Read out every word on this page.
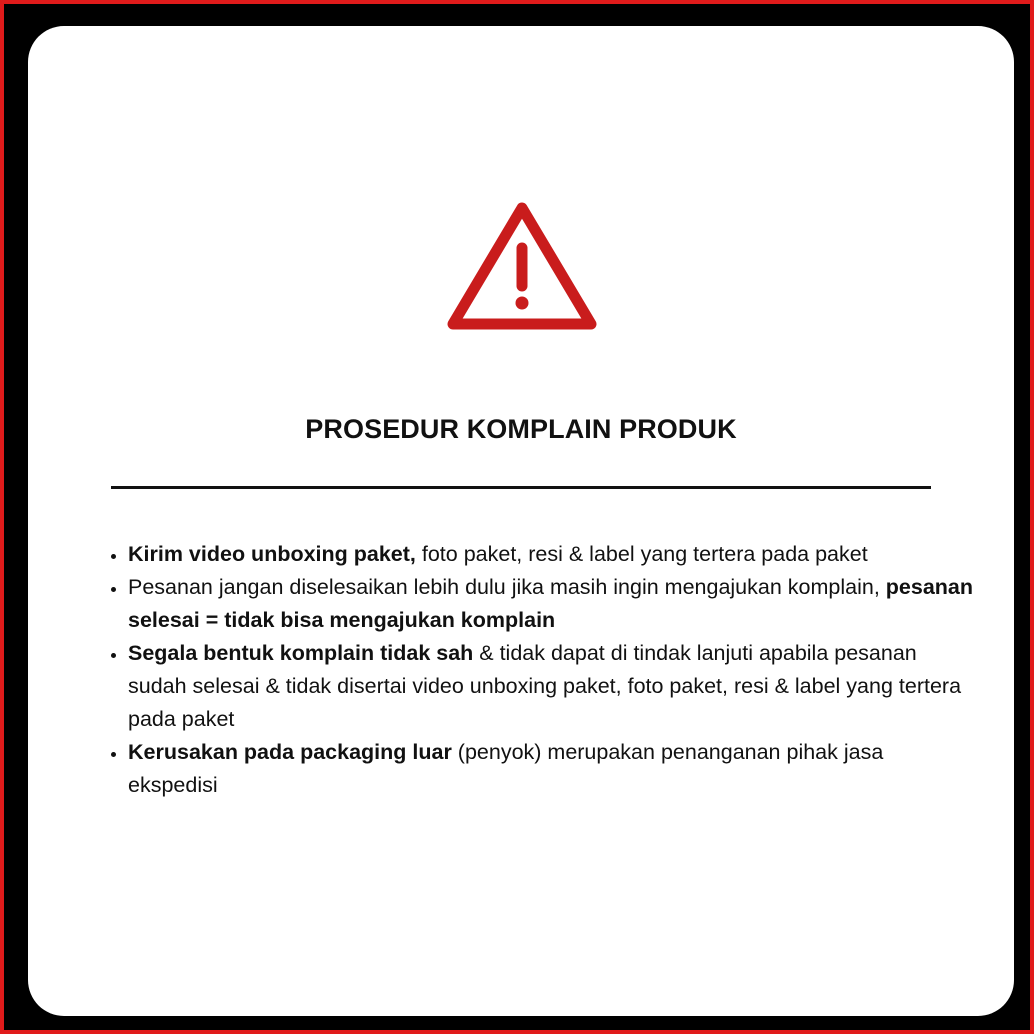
PROSEDUR KOMPLAIN PRODUK
• Kirim video unboxing paket, foto paket, resi & label yang tertera pada paket
• Pesanan jangan diselesaikan lebih dulu jika masih ingin mengajukan komplain, pesanan selesai = tidak bisa mengajukan komplain
• Segala bentuk komplain tidak sah & tidak dapat di tindak lanjuti apabila pesanan sudah selesai & tidak disertai video unboxing paket, foto paket, resi & label yang tertera pada paket
• Kerusakan pada packaging luar (penyok) merupakan penanganan pihak jasa ekspedisi
